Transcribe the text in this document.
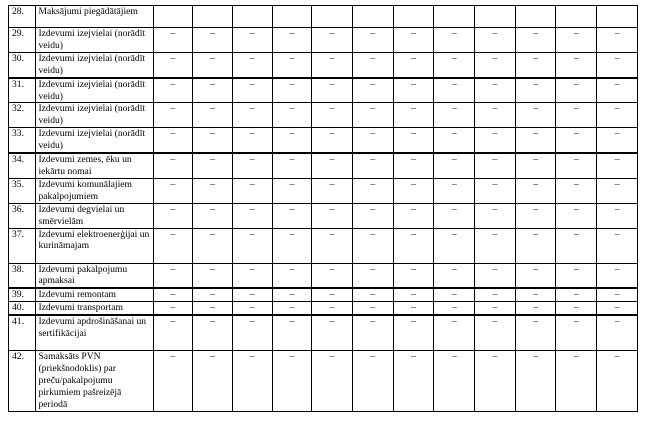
28.	Maksājumi piegādātājiem												
29.	Izdevumi izejvielai (norādīt veidu)	–	–	–	–	–	–	–	–	–	–	–	–
30.	Izdevumi izejvielai (norādīt veidu)	–	–	–	–	–	–	–	–	–	–	–	–
31.	Izdevumi izejvielai (norādīt veidu)	–	–	–	–	–	–	–	–	–	–	–	–
32.	Izdevumi izejvielai (norādīt veidu)	–	–	–	–	–	–	–	–	–	–	–	–
33.	Izdevumi izejvielai (norādīt veidu)	–	–	–	–	–	–	–	–	–	–	–	–
34.	Izdevumi zemes, ēku un iekārtu nomai	–	–	–	–	–	–	–	–	–	–	–	–
35.	Izdevumi komunālajiem pakalpojumiem	–	–	–	–	–	–	–	–	–	–	–	–
36.	Izdevumi degvielai un smērvielām	–	–	–	–	–	–	–	–	–	–	–	–
37.	Izdevumi elektroenerģijai un kurināmajam	–	–	–	–	–	–	–	–	–	–	–	–
38.	Izdevumi pakalpojumu apmaksai	–	–	–	–	–	–	–	–	–	–	–	–
39.	Izdevumi remontam	–	–	–	–	–	–	–	–	–	–	–	–
40.	Izdevumi transportam	–	–	–	–	–	–	–	–	–	–	–	–
41.	Izdevumi apdrošināšanai un sertifikācijai	–	–	–	–	–	–	–	–	–	–	–	–
42.	Samaksāts PVN (priekšnodoklis) par preču/pakalpojumu pirkumiem pašreizējā periodā	–	–	–	–	–	–	–	–	–	–	–	–
